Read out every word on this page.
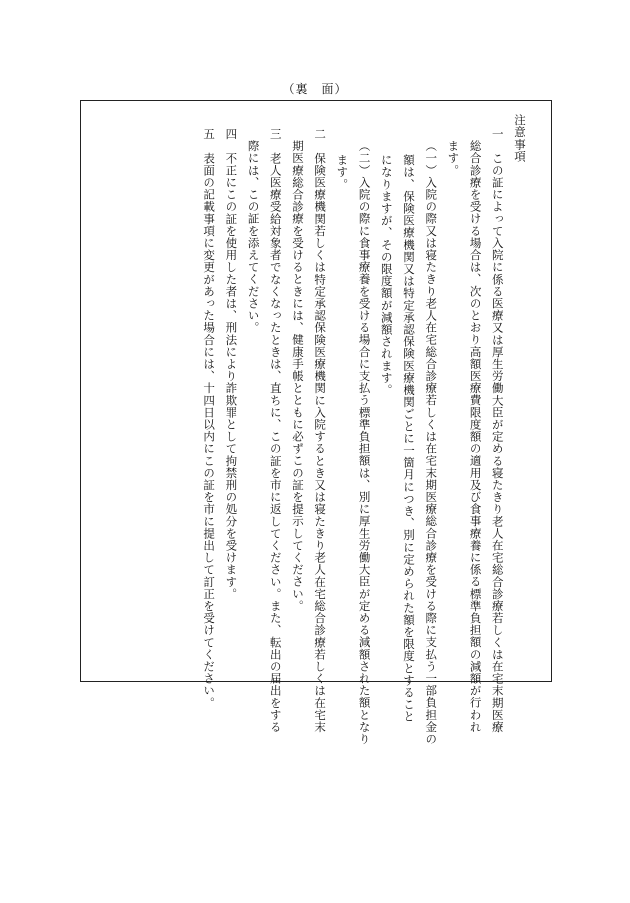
（裏　面）
注意事項
一　この証によって入院に係る医療又は厚生労働大臣が定める寝たきり老人在宅総合診療若しくは在宅末期医療
総合診療を受ける場合は、次のとおり高額医療費限度額の適用及び食事療養に係る標準負担額の減額が行われ
ます。
（一）入院の際又は寝たきり老人在宅総合診療若しくは在宅末期医療総合診療を受ける際に支払う一部負担金の
額は、保険医療機関又は特定承認保険医療機関ごとに一箇月につき、別に定められた額を限度とすること
になりますが、その限度額が減額されます。
（二）入院の際に食事療養を受ける場合に支払う標準負担額は、別に厚生労働大臣が定める減額された額となり
ます。
二　保険医療機関若しくは特定承認保険医療機関に入院するとき又は寝たきり老人在宅総合診療若しくは在宅末
期医療総合診療を受けるときには、健康手帳とともに必ずこの証を提示してください。
三　老人医療受給対象者でなくなったときは、直ちに、この証を市に返してください。また、転出の届出をする
際には、この証を添えてください。
四　不正にこの証を使用した者は、刑法により詐欺罪として拘禁刑の処分を受けます。
五　表面の記載事項に変更があった場合には、十四日以内にこの証を市に提出して訂正を受けてください。
